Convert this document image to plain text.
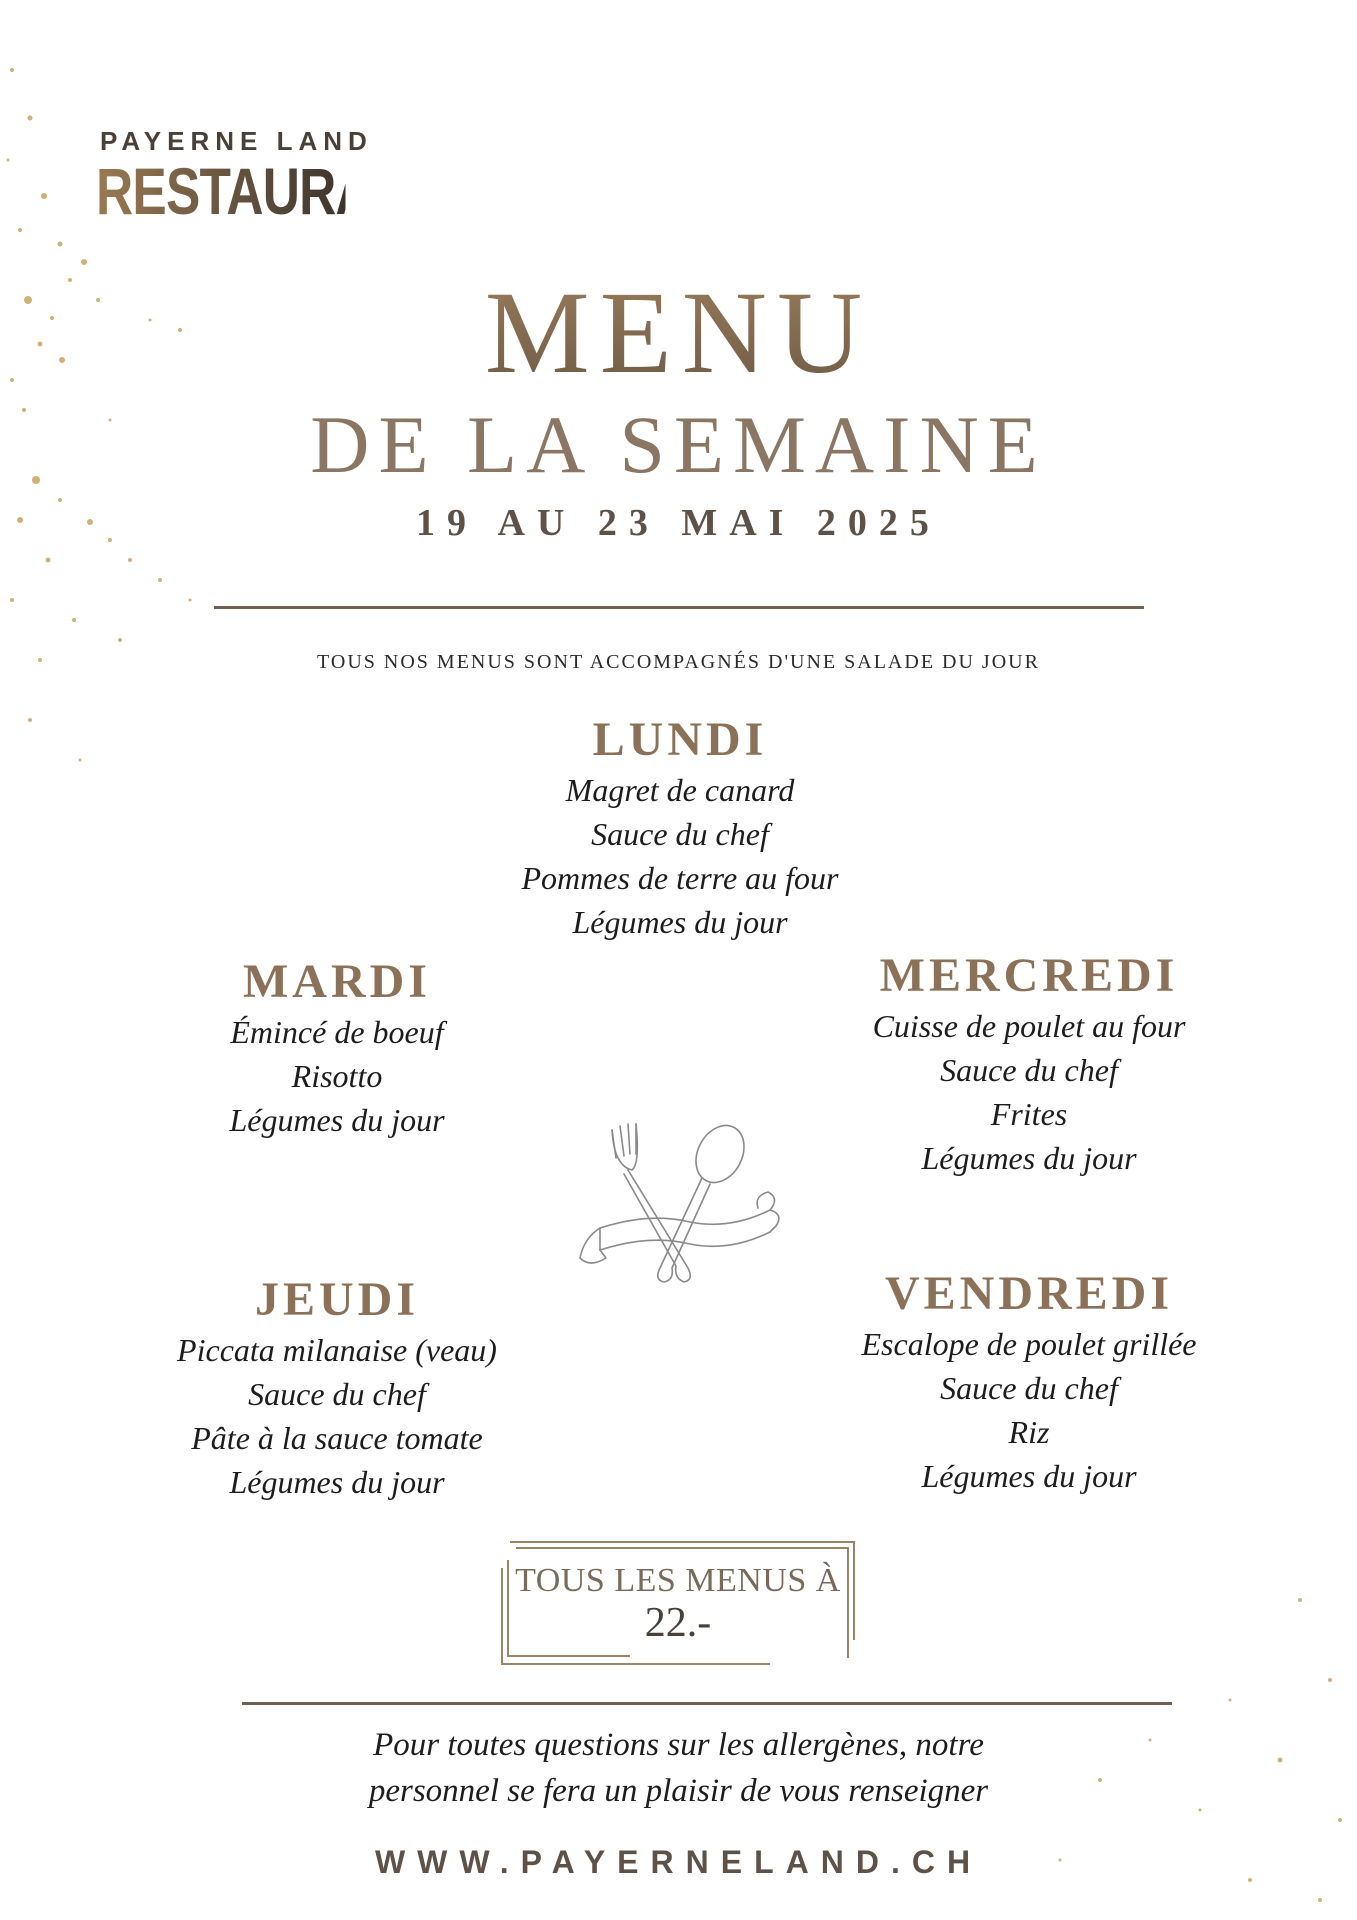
PAYERNE LAND
RESTAURANT
MENU
DE LA SEMAINE
19 AU 23 MAI 2025
TOUS NOS MENUS SONT ACCOMPAGNÉS D'UNE SALADE DU JOUR
LUNDI
Magret de canard
Sauce du chef
Pommes de terre au four
Légumes du jour
MARDI
Émincé de boeuf
Risotto
Légumes du jour
MERCREDI
Cuisse de poulet au four
Sauce du chef
Frites
Légumes du jour
JEUDI
Piccata milanaise (veau)
Sauce du chef
Pâte à la sauce tomate
Légumes du jour
VENDREDI
Escalope de poulet grillée
Sauce du chef
Riz
Légumes du jour
TOUS LES MENUS À
22.-
Pour toutes questions sur les allergènes, notre
personnel se fera un plaisir de vous renseigner
WWW.PAYERNELAND.CH
